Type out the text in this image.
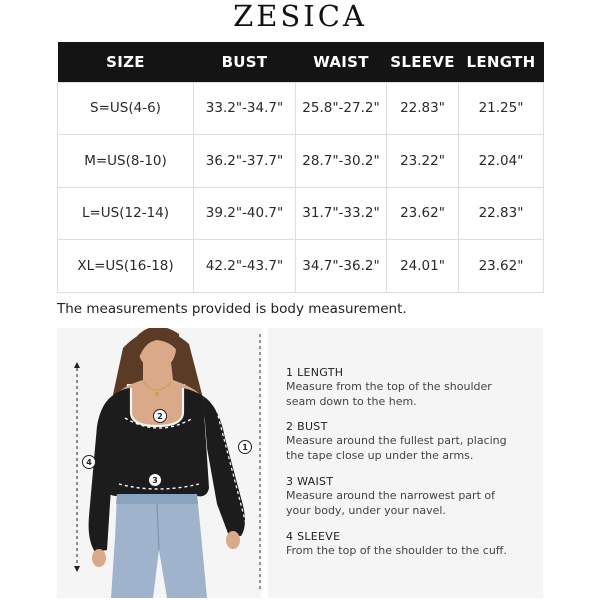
ZESICA
SIZE	BUST	WAIST	SLEEVE	LENGTH
S=US(4-6)	33.2"-34.7"	25.8"-27.2"	22.83"	21.25"
M=US(8-10)	36.2"-37.7"	28.7"-30.2"	23.22"	22.04"
L=US(12-14)	39.2"-40.7"	31.7"-33.2"	23.62"	22.83"
XL=US(16-18)	42.2"-43.7"	34.7"-36.2"	24.01"	23.62"
The measurements provided is body measurement.
4
2
3
1
1 LENGTH
Measure from the top of the shoulder
seam down to the hem.
2 BUST
Measure around the fullest part, placing
the tape close up under the arms.
3 WAIST
Measure around the narrowest part of
your body, under your navel.
4 SLEEVE
From the top of the shoulder to the cuff.
